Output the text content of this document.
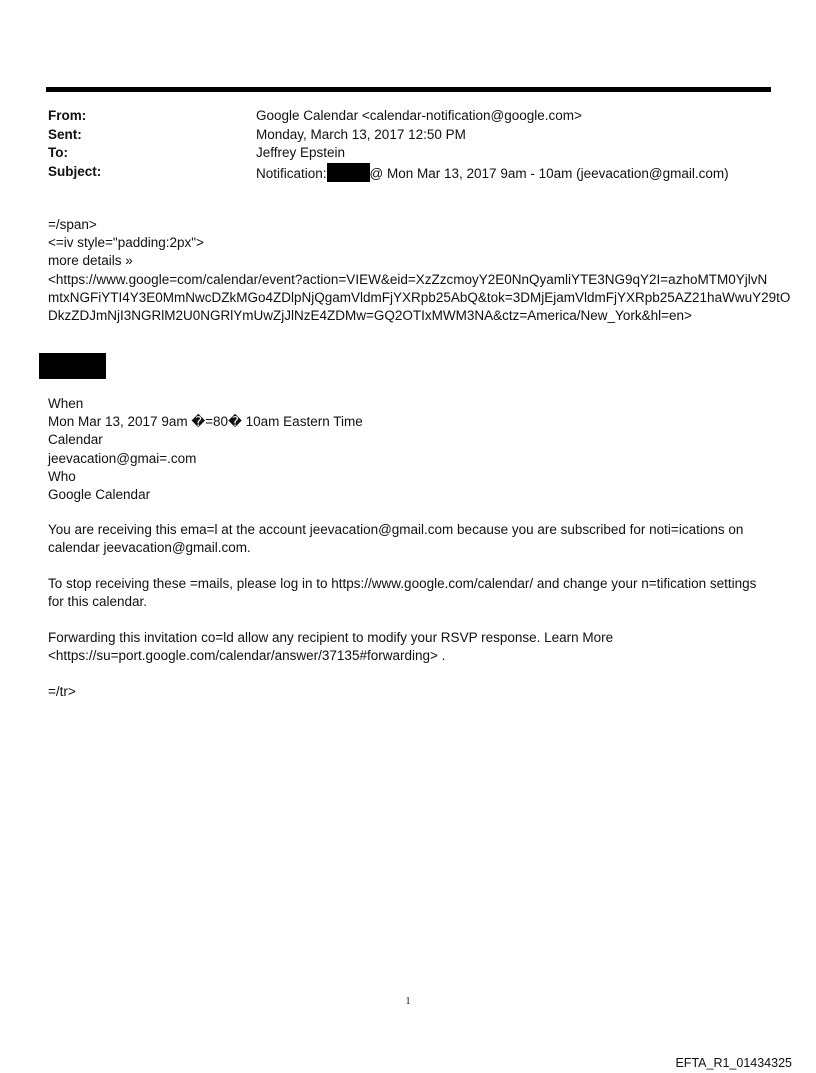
From:	Google Calendar <calendar-notification@google.com>
Sent:	Monday, March 13, 2017 12:50 PM
To:	Jeffrey Epstein
Subject:	Notification:	@ Mon Mar 13, 2017 9am - 10am (jeevacation@gmail.com)
=/span>
<=iv style="padding:2px">
more details »
<https://www.google=com/calendar/event?action=VIEW&eid=XzZzcmoyY2E0NnQyamliYTE3NG9qY2I=azhoMTM0YjlvN
mtxNGFiYTI4Y3E0MmNwcDZkMGo4ZDlpNjQgamVldmFjYXRpb25AbQ&tok=3DMjEjamVldmFjYXRpb25AZ21haWwuY29tO
DkzZDJmNjI3NGRlM2U0NGRlYmUwZjJlNzE4ZDMw=GQ2OTIxMWM3NA&ctz=America/New_York&hl=en>
When
Mon Mar 13, 2017 9am �=80� 10am Eastern Time
Calendar
jeevacation@gmai=.com
Who
Google Calendar
You are receiving this ema=l at the account jeevacation@gmail.com because you are subscribed for noti=ications on
calendar jeevacation@gmail.com.
To stop receiving these =mails, please log in to https://www.google.com/calendar/ and change your n=tification settings
for this calendar.
Forwarding this invitation co=ld allow any recipient to modify your RSVP response. Learn More
<https://su=port.google.com/calendar/answer/37135#forwarding> .
=/tr>
1
EFTA_R1_01434325
